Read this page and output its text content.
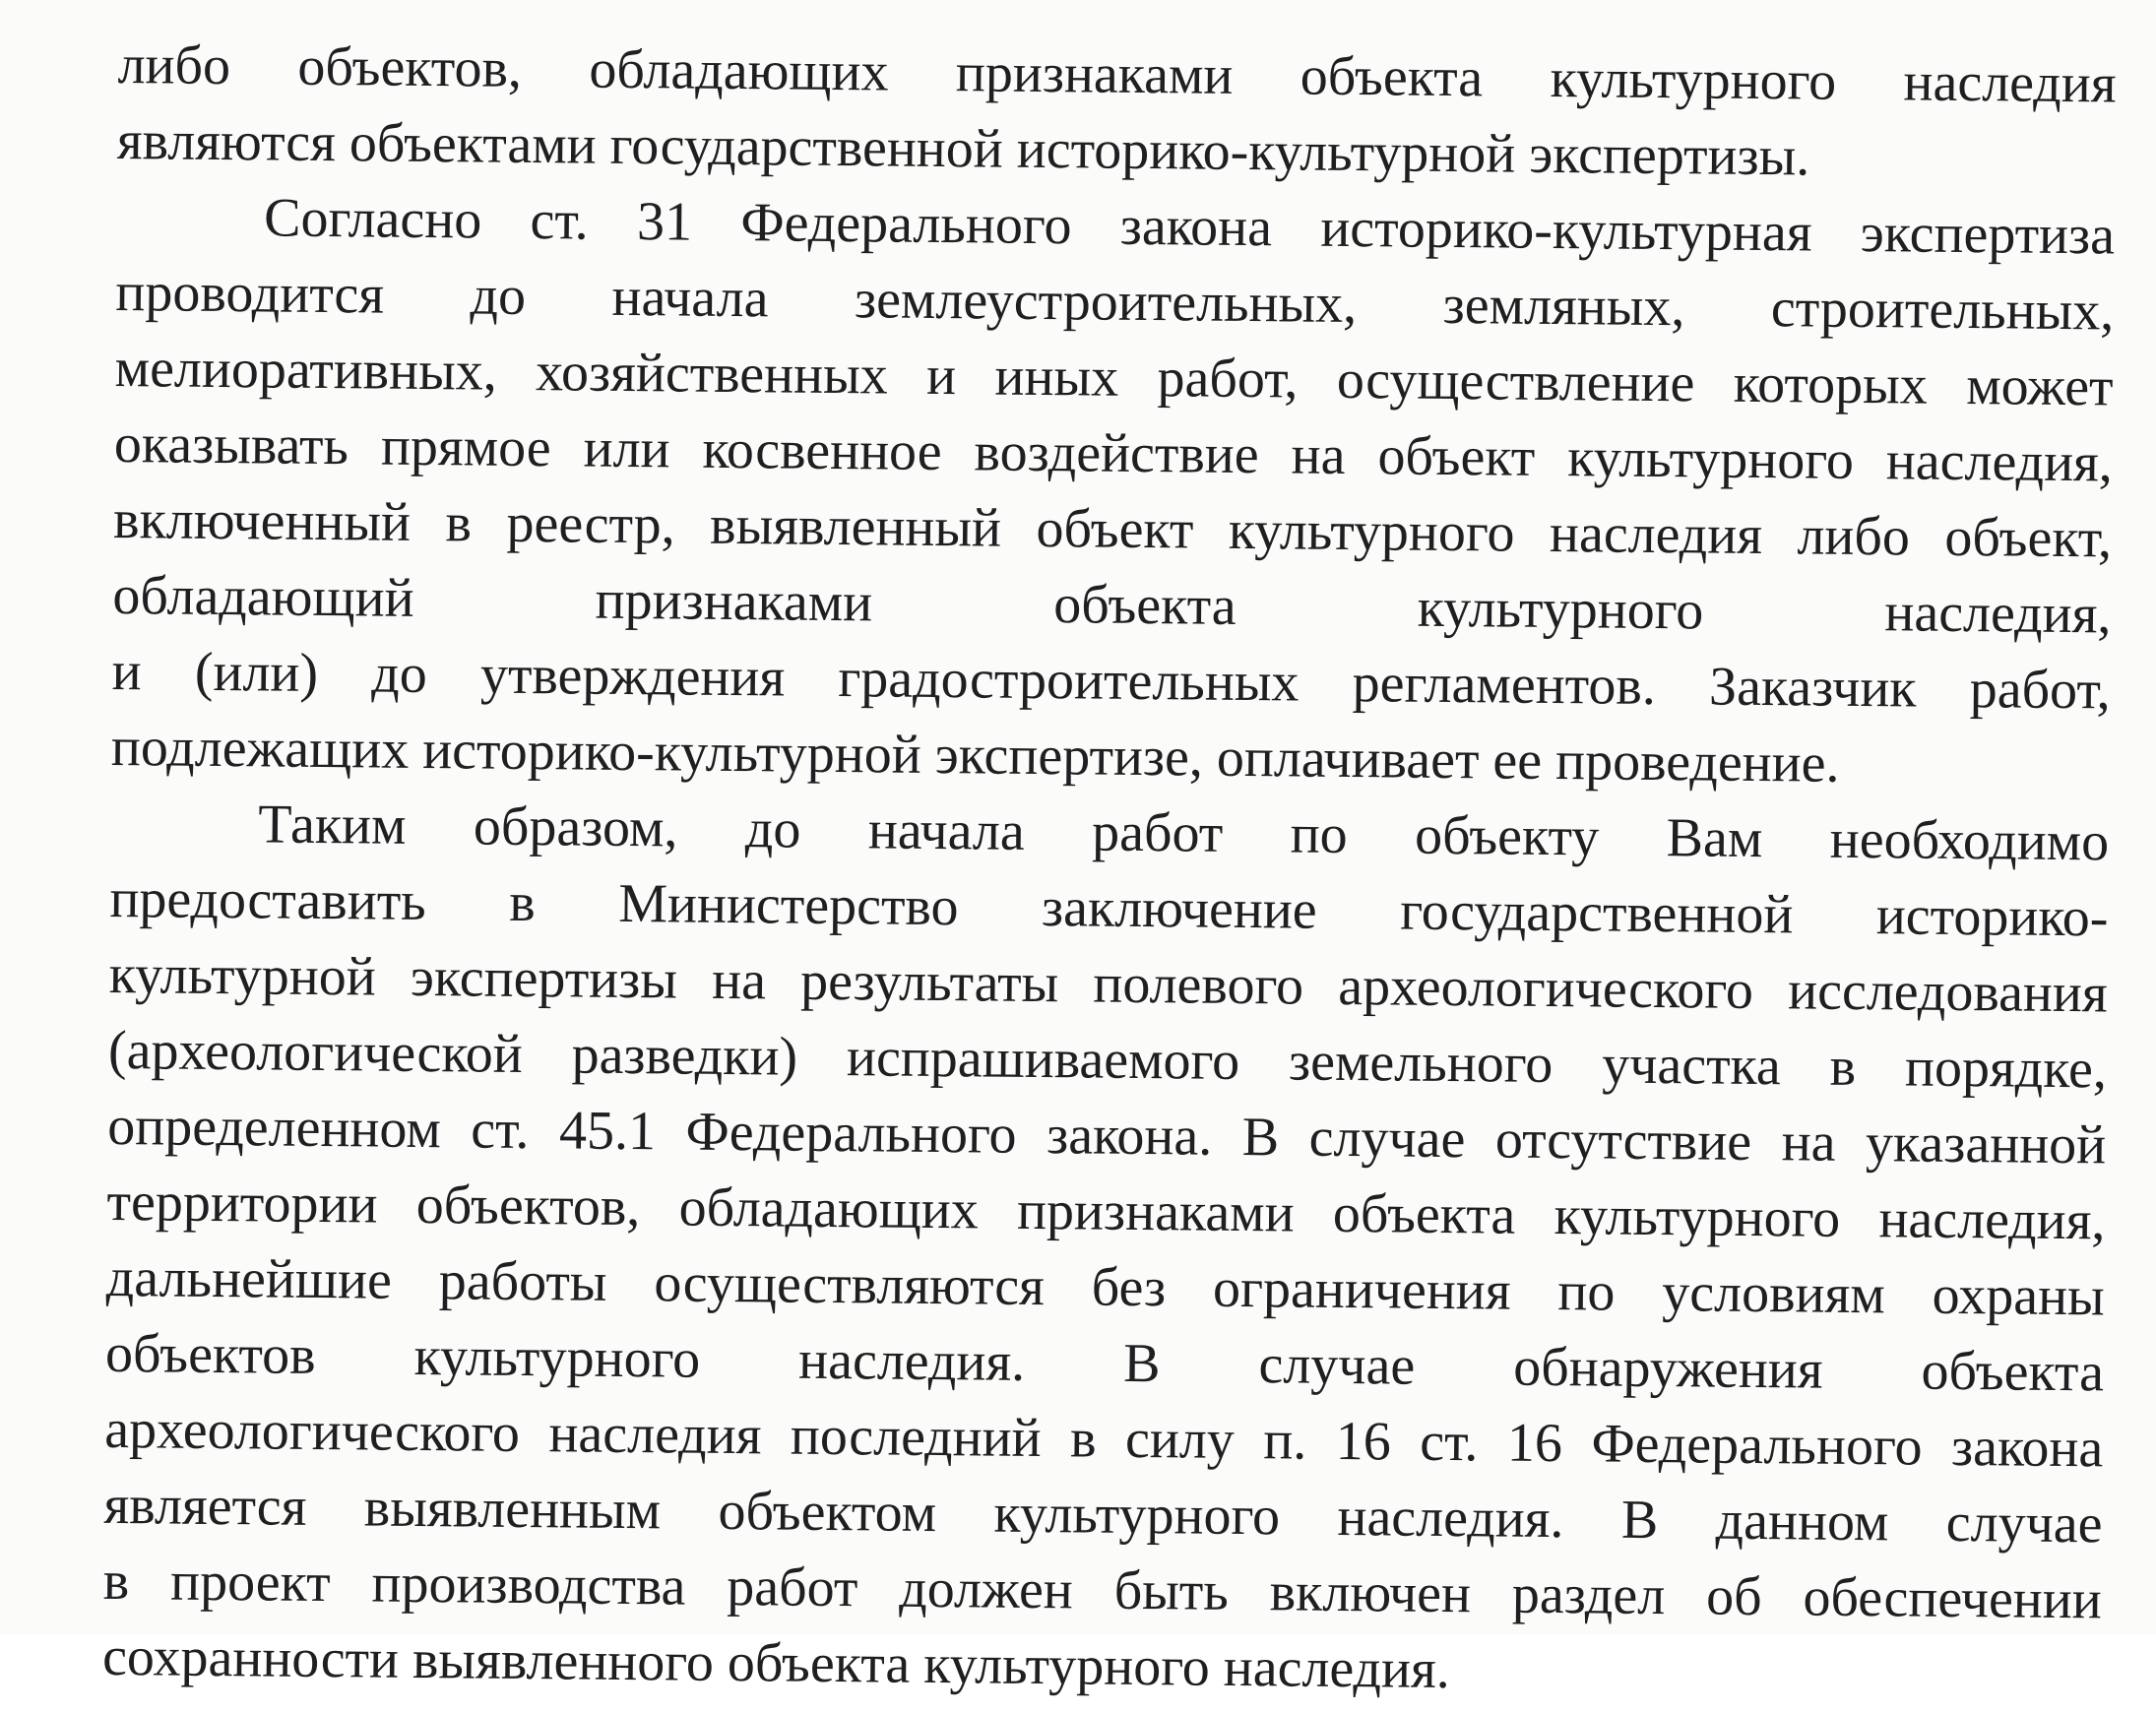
либо объектов, обладающих признаками объекта культурного наследия
являются объектами государственной историко-культурной экспертизы.
Согласно ст. 31 Федерального закона историко-культурная экспертиза
проводится до начала землеустроительных, земляных, строительных,
мелиоративных, хозяйственных и иных работ, осуществление которых может
оказывать прямое или косвенное воздействие на объект культурного наследия,
включенный в реестр, выявленный объект культурного наследия либо объект,
обладающий признаками объекта культурного наследия,
и (или) до утверждения градостроительных регламентов. Заказчик работ,
подлежащих историко-культурной экспертизе, оплачивает ее проведение.
Таким образом, до начала работ по объекту Вам необходимо
предоставить в Министерство заключение государственной историко-
культурной экспертизы на результаты полевого археологического исследования
(археологической разведки) испрашиваемого земельного участка в порядке,
определенном ст. 45.1 Федерального закона. В случае отсутствие на указанной
территории объектов, обладающих признаками объекта культурного наследия,
дальнейшие работы осуществляются без ограничения по условиям охраны
объектов культурного наследия. В случае обнаружения объекта
археологического наследия последний в силу п. 16 ст. 16 Федерального закона
является выявленным объектом культурного наследия. В данном случае
в проект производства работ должен быть включен раздел об обеспечении
сохранности выявленного объекта культурного наследия.
